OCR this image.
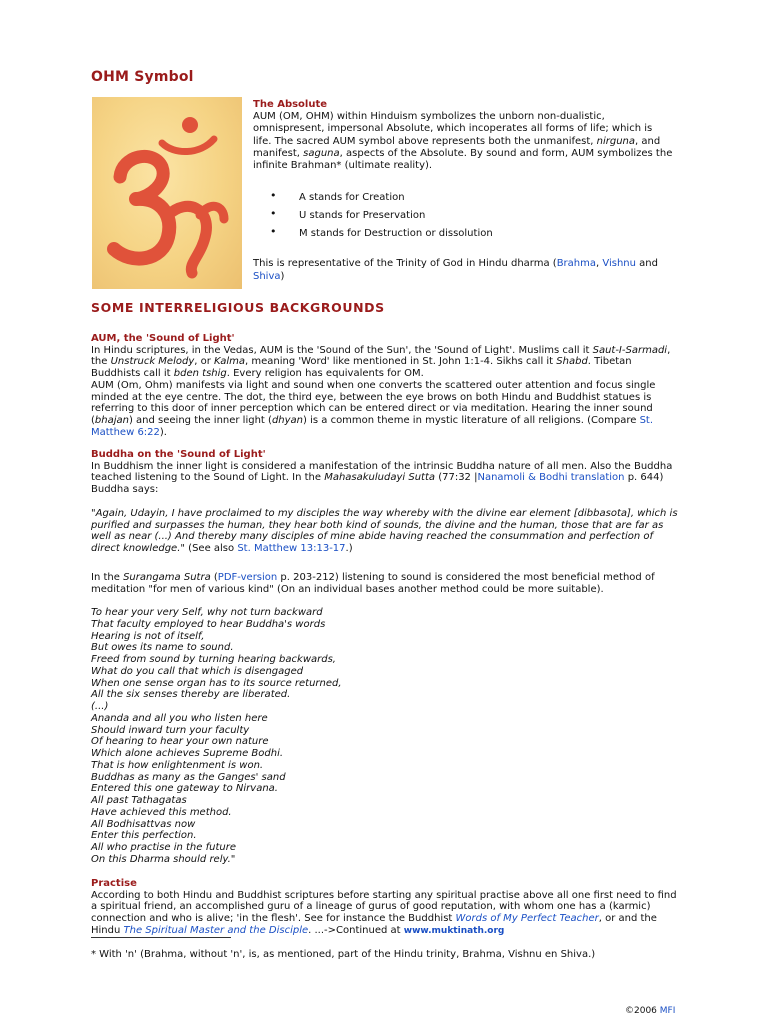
OHM Symbol
The Absolute

AUM (OM, OHM) within Hinduism symbolizes the unborn non-dualistic, omnispresent, impersonal Absolute, which incoperates all forms of life; which is life. The sacred AUM symbol above represents both the unmanifest, nirguna, and manifest, saguna, aspects of the Absolute. By sound and form, AUM symbolizes the infinite Brahman* (ultimate reality).

• A stands for Creation
• U stands for Preservation
• M stands for Destruction or dissolution

This is representative of the Trinity of God in Hindu dharma (Brahma, Vishnu and Shiva)

SOME INTERRELIGIOUS BACKGROUNDS
AUM, the 'Sound of Light'

In Hindu scriptures, in the Vedas, AUM is the 'Sound of the Sun', the 'Sound of Light'. Muslims call it Saut-I-Sarmadi, the Unstruck Melody, or Kalma, meaning 'Word' like mentioned in St. John 1:1-4. Sikhs call it Shabd. Tibetan Buddhists call it bden tshig. Every religion has equivalents for OM.
AUM (Om, Ohm) manifests via light and sound when one converts the scattered outer attention and focus single minded at the eye centre. The dot, the third eye, between the eye brows on both Hindu and Buddhist statues is referring to this door of inner perception which can be entered direct or via meditation. Hearing the inner sound (bhajan) and seeing the inner light (dhyan) is a common theme in mystic literature of all religions. (Compare St. Matthew 6:22).

Buddha on the 'Sound of Light'

In Buddhism the inner light is considered a manifestation of the intrinsic Buddha nature of all men. Also the Buddha teached listening to the Sound of Light. In the Mahasakuludayi Sutta (77:32 |Nanamoli & Bodhi translation p. 644) Buddha says:

"Again, Udayin, I have proclaimed to my disciples the way whereby with the divine ear element [dibbasota], which is purified and surpasses the human, they hear both kind of sounds, the divine and the human, those that are far as well as near (...) And thereby many disciples of mine abide having reached the consummation and perfection of direct knowledge." (See also St. Matthew 13:13-17.)

In the Surangama Sutra (PDF-version p. 203-212) listening to sound is considered the most beneficial method of meditation "for men of various kind" (On an individual bases another method could be more suitable).

To hear your very Self, why not turn backward
That faculty employed to hear Buddha's words
Hearing is not of itself,
But owes its name to sound.
Freed from sound by turning hearing backwards,
What do you call that which is disengaged
When one sense organ has to its source returned,
All the six senses thereby are liberated.
(...)
Ananda and all you who listen here
Should inward turn your faculty
Of hearing to hear your own nature
Which alone achieves Supreme Bodhi.
That is how enlightenment is won.
Buddhas as many as the Ganges' sand
Entered this one gateway to Nirvana.
All past Tathagatas
Have achieved this method.
All Bodhisattvas now
Enter this perfection.
All who practise in the future
On this Dharma should rely."
Practise

According to both Hindu and Buddhist scriptures before starting any spiritual practise above all one first need to find a spiritual friend, an accomplished guru of a lineage of gurus of good reputation, with whom one has a (karmic) connection and who is alive; 'in the flesh'. See for instance the Buddhist Words of My Perfect Teacher, or and the Hindu The Spiritual Master and the Disciple. ...->Continued at www.muktinath.org

* With 'n' (Brahma, without 'n', is, as mentioned, part of the Hindu trinity, Brahma, Vishnu en Shiva.)
©2006 MFI
